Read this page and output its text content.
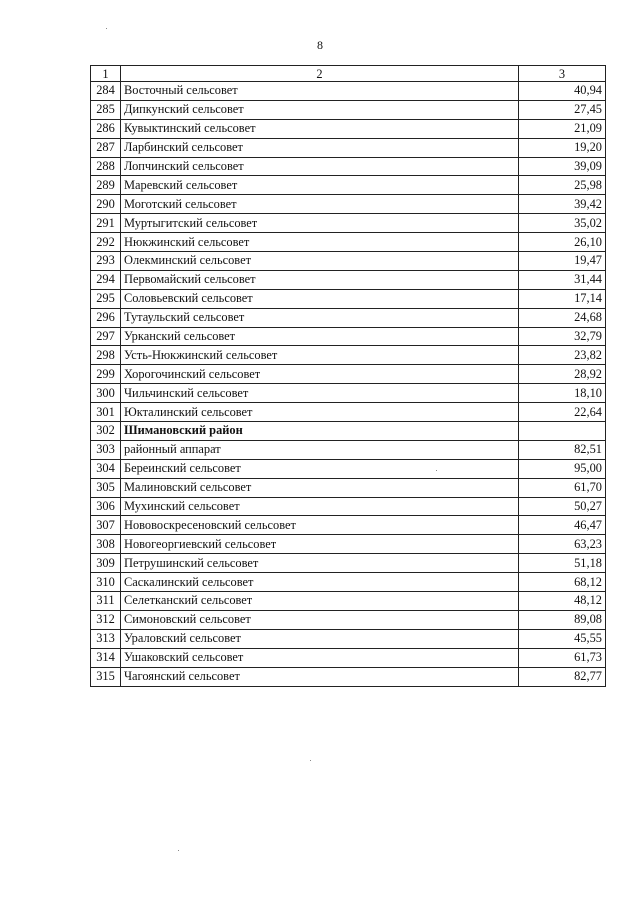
8
1	2	3
284	Восточный сельсовет	40,94
285	Дипкунский сельсовет	27,45
286	Кувыктинский сельсовет	21,09
287	Ларбинский сельсовет	19,20
288	Лопчинский сельсовет	39,09
289	Маревский сельсовет	25,98
290	Моготский сельсовет	39,42
291	Муртыгитский сельсовет	35,02
292	Нюкжинский сельсовет	26,10
293	Олекминский сельсовет	19,47
294	Первомайский сельсовет	31,44
295	Соловьевский сельсовет	17,14
296	Тутаульский сельсовет	24,68
297	Урканский сельсовет	32,79
298	Усть-Нюкжинский сельсовет	23,82
299	Хорогочинский сельсовет	28,92
300	Чильчинский сельсовет	18,10
301	Юкталинский сельсовет	22,64
302	Шимановский район	
303	районный аппарат	82,51
304	Береинский сельсовет	95,00
305	Малиновский сельсовет	61,70
306	Мухинский сельсовет	50,27
307	Нововоскресеновский сельсовет	46,47
308	Новогеоргиевский сельсовет	63,23
309	Петрушинский сельсовет	51,18
310	Саскалинский сельсовет	68,12
311	Селетканский сельсовет	48,12
312	Симоновский сельсовет	89,08
313	Ураловский сельсовет	45,55
314	Ушаковский сельсовет	61,73
315	Чагоянский сельсовет	82,77
